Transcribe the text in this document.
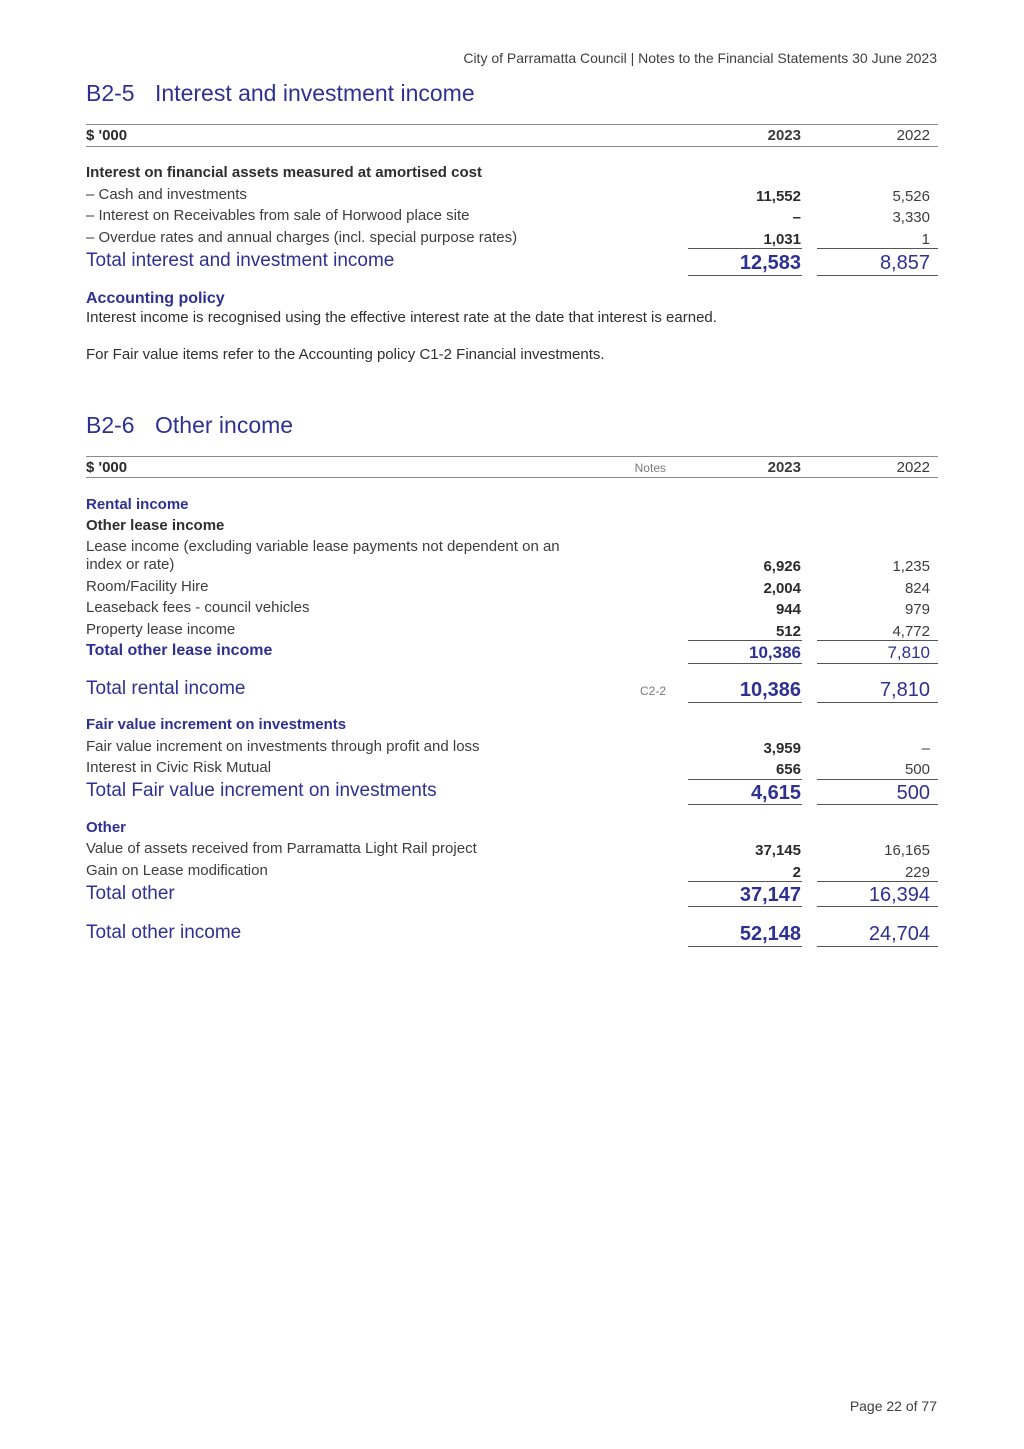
City of Parramatta Council | Notes to the Financial Statements 30 June 2023
B2-5 Interest and investment income
$ '000	2023	2022
Interest on financial assets measured at amortised cost
– Cash and investments	11,552	5,526
– Interest on Receivables from sale of Horwood place site	–	3,330
– Overdue rates and annual charges (incl. special purpose rates)	1,031	1
Total interest and investment income	12,583	8,857
Accounting policy
Interest income is recognised using the effective interest rate at the date that interest is earned.
For Fair value items refer to the Accounting policy C1-2 Financial investments.
B2-6 Other income
$ '000	Notes	2023	2022
Rental income
Other lease income
Lease income (excluding variable lease payments not dependent on an
index or rate)	6,926	1,235
Room/Facility Hire	2,004	824
Leaseback fees - council vehicles	944	979
Property lease income	512	4,772
Total other lease income	10,386	7,810
Total rental income	C2-2	10,386	7,810
Fair value increment on investments
Fair value increment on investments through profit and loss	3,959	–
Interest in Civic Risk Mutual	656	500
Total Fair value increment on investments	4,615	500
Other
Value of assets received from Parramatta Light Rail project	37,145	16,165
Gain on Lease modification	2	229
Total other	37,147	16,394
Total other income	52,148	24,704
Page 22 of 77
